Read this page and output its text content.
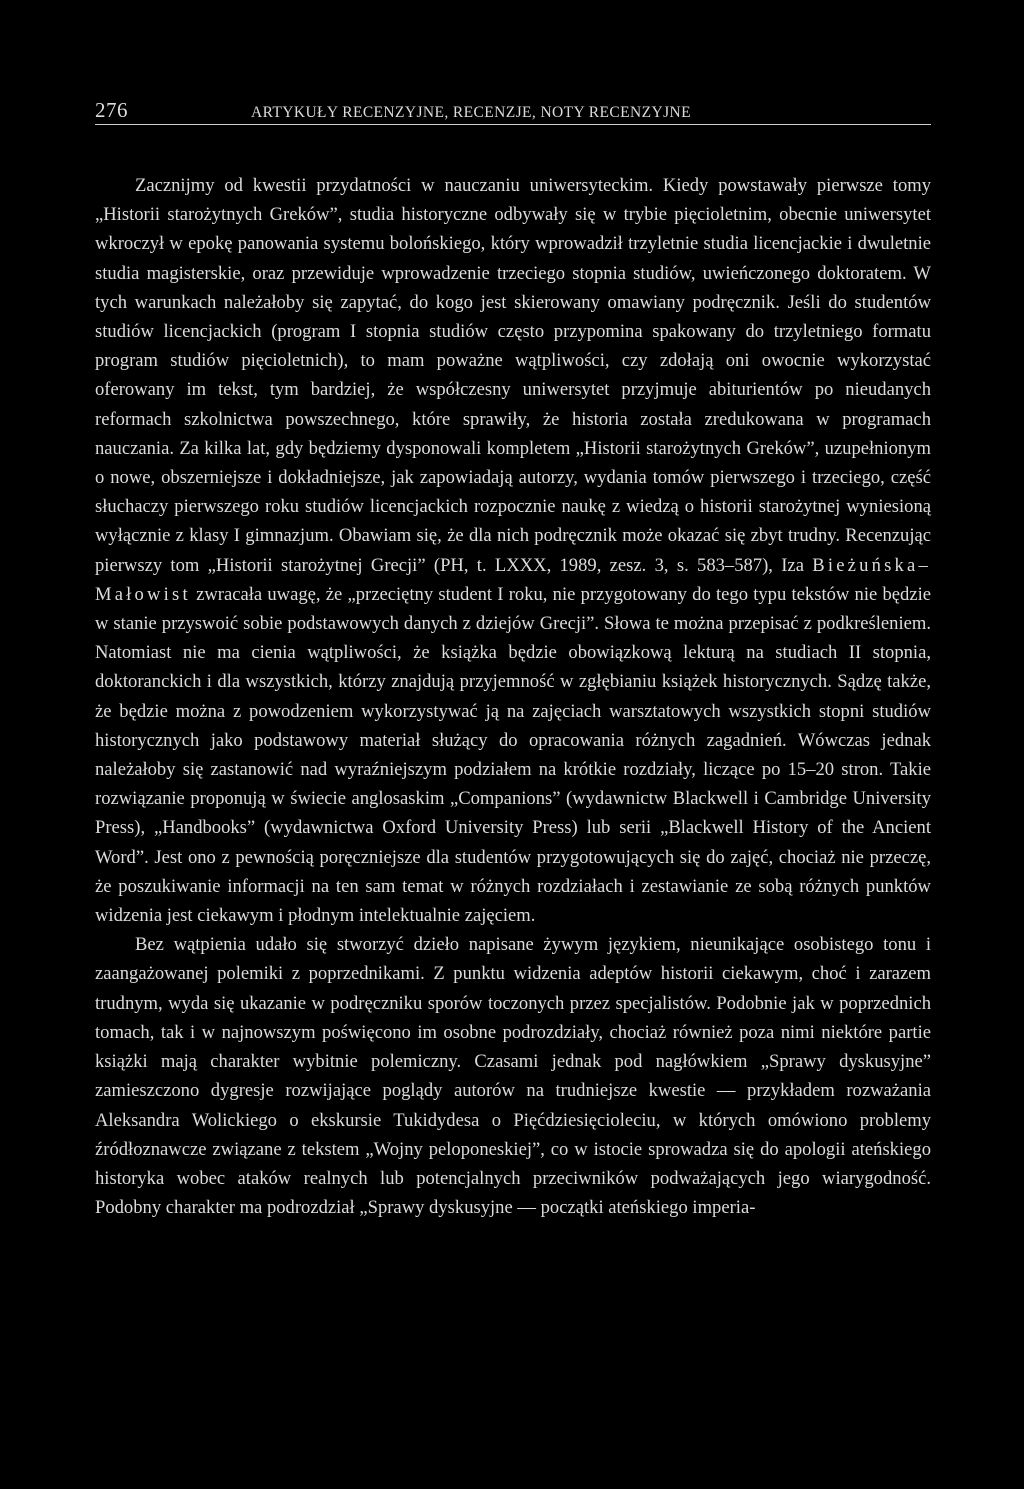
276	ARTYKUŁY RECENZYJNE, RECENZJE, NOTY RECENZYJNE

Zacznijmy od kwestii przydatności w nauczaniu uniwersyteckim. Kiedy powstawały pierwsze tomy „Historii starożytnych Greków”, studia historyczne odbywały się w trybie pięcioletnim, obecnie uniwersytet wkroczył w epokę panowania systemu bolońskiego, który wprowadził trzyletnie studia licencjackie i dwuletnie studia magisterskie, oraz przewiduje wprowadzenie trzeciego stopnia studiów, uwieńczonego doktoratem. W tych warunkach należałoby się zapytać, do kogo jest skierowany omawiany podręcznik. Jeśli do studentów studiów licencjackich (program I stopnia studiów często przypomina spakowany do trzyletniego formatu program studiów pięcioletnich), to mam poważne wątpliwości, czy zdołają oni owocnie wykorzystać oferowany im tekst, tym bardziej, że współczesny uniwersytet przyjmuje abiturientów po nieudanych reformach szkolnictwa powszechnego, które sprawiły, że historia została zredukowana w programach nauczania. Za kilka lat, gdy będziemy dysponowali kompletem „Historii starożytnych Greków”, uzupełnionym o nowe, obszerniejsze i dokładniejsze, jak zapowiadają autorzy, wydania tomów pierwszego i trzeciego, część słuchaczy pierwszego roku studiów licencjackich rozpocznie naukę z wiedzą o historii starożytnej wyniesioną wyłącznie z klasy I gimnazjum. Obawiam się, że dla nich podręcznik może okazać się zbyt trudny. Recenzując pierwszy tom „Historii starożytnej Grecji” (PH, t. LXXX, 1989, zesz. 3, s. 583–587), Iza Bieżuńska–Małowist zwracała uwagę, że „przeciętny student I roku, nie przygotowany do tego typu tekstów nie będzie w stanie przyswoić sobie podstawowych danych z dziejów Grecji”. Słowa te można przepisać z podkreśleniem. Natomiast nie ma cienia wątpliwości, że książka będzie obowiązkową lekturą na studiach II stopnia, doktoranckich i dla wszystkich, którzy znajdują przyjemność w zgłębianiu książek historycznych. Sądzę także, że będzie można z powodzeniem wykorzystywać ją na zajęciach warsztatowych wszystkich stopni studiów historycznych jako podstawowy materiał służący do opracowania różnych zagadnień. Wówczas jednak należałoby się zastanowić nad wyraźniejszym podziałem na krótkie rozdziały, liczące po 15–20 stron. Takie rozwiązanie proponują w świecie anglosaskim „Companions” (wydawnictw Blackwell i Cambridge University Press), „Handbooks” (wydawnictwa Oxford University Press) lub serii „Blackwell History of the Ancient Word”. Jest ono z pewnością poręczniejsze dla studentów przygotowujących się do zajęć, chociaż nie przeczę, że poszukiwanie informacji na ten sam temat w różnych rozdziałach i zestawianie ze sobą różnych punktów widzenia jest ciekawym i płodnym intelektualnie zajęciem.

Bez wątpienia udało się stworzyć dzieło napisane żywym językiem, nieunikające osobistego tonu i zaangażowanej polemiki z poprzednikami. Z punktu widzenia adeptów historii ciekawym, choć i zarazem trudnym, wyda się ukazanie w podręczniku sporów toczonych przez specjalistów. Podobnie jak w poprzednich tomach, tak i w najnowszym poświęcono im osobne podrozdziały, chociaż również poza nimi niektóre partie książki mają charakter wybitnie polemiczny. Czasami jednak pod nagłówkiem „Sprawy dyskusyjne” zamieszczono dygresje rozwijające poglądy autorów na trudniejsze kwestie — przykładem rozważania Aleksandra Wolickiego o ekskursie Tukidydesa o Pięćdziesięcioleciu, w których omówiono problemy źródłoznawcze związane z tekstem „Wojny peloponeskiej”, co w istocie sprowadza się do apologii ateńskiego historyka wobec ataków realnych lub potencjalnych przeciwników podważających jego wiarygodność. Podobny charakter ma podrozdział „Sprawy dyskusyjne — początki ateńskiego imperia-
